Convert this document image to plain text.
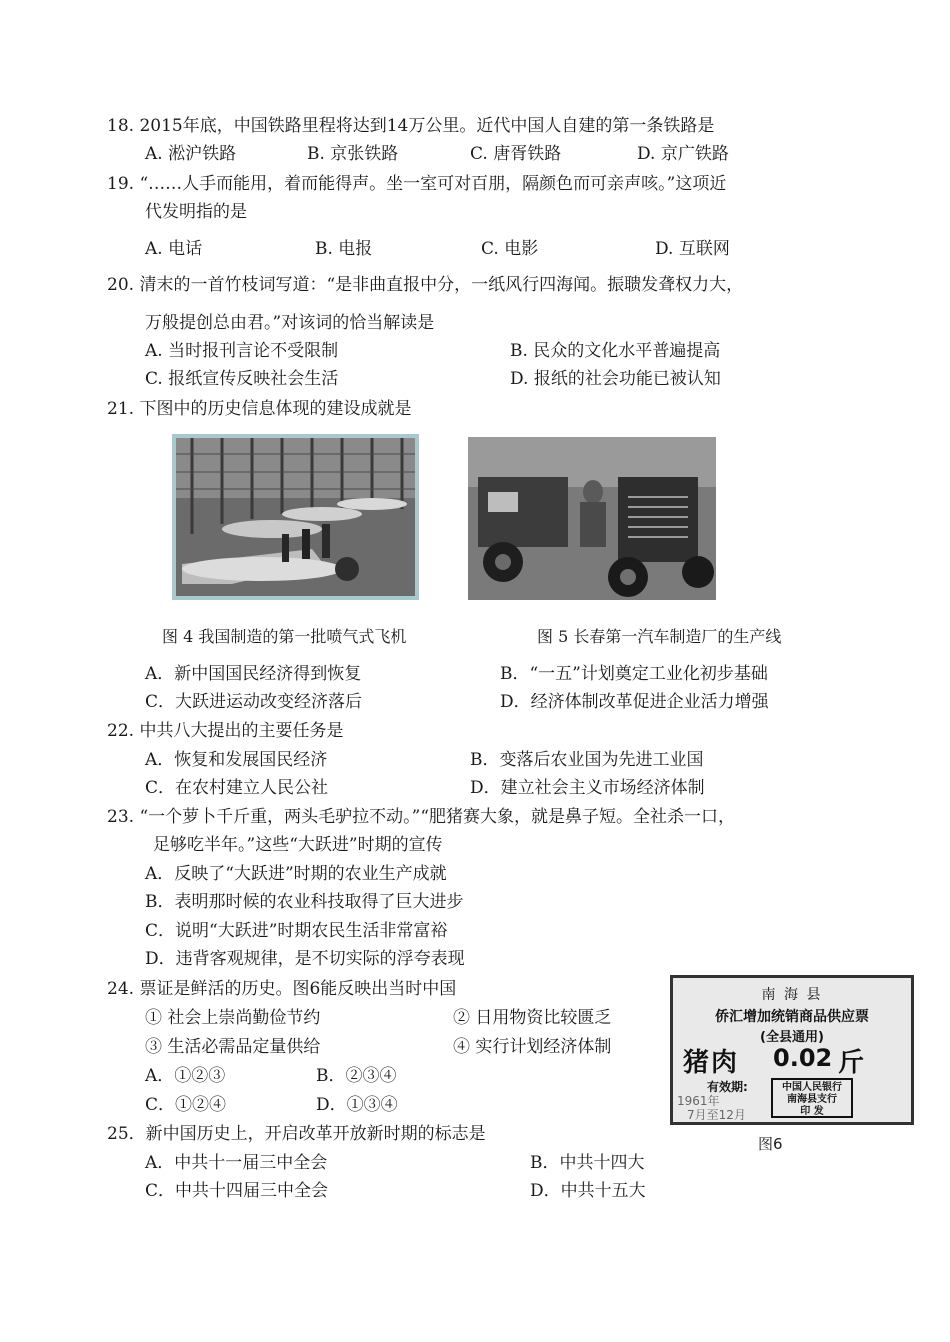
18. 2015年底，中国铁路里程将达到14万公里。近代中国人自建的第一条铁路是
A. 淞沪铁路	B. 京张铁路	C. 唐胥铁路	D. 京广铁路
19. “……人手而能用，着而能得声。坐一室可对百朋，隔颜色而可亲声咳。”这项近
代发明指的是
A. 电话	B. 电报	C. 电影	D. 互联网
20. 清末的一首竹枝词写道：“是非曲直报中分，一纸风行四海闻。振聩发聋权力大，
万般提创总由君。”对该词的恰当解读是
A. 当时报刊言论不受限制	B. 民众的文化水平普遍提高
C. 报纸宣传反映社会生活	D. 报纸的社会功能已被认知
21. 下图中的历史信息体现的建设成就是
图 4 我国制造的第一批喷气式飞机	图 5 长春第一汽车制造厂的生产线
A．新中国国民经济得到恢复	B．“一五”计划奠定工业化初步基础
C．大跃进运动改变经济落后	D．经济体制改革促进企业活力增强
22. 中共八大提出的主要任务是
A．恢复和发展国民经济	B．变落后农业国为先进工业国
C．在农村建立人民公社	D．建立社会主义市场经济体制
23. “一个萝卜千斤重，两头毛驴拉不动。”“肥猪赛大象，就是鼻子短。全社杀一口，
足够吃半年。”这些“大跃进”时期的宣传
A．反映了“大跃进”时期的农业生产成就
B．表明那时候的农业科技取得了巨大进步
C．说明“大跃进”时期农民生活非常富裕
D．违背客观规律，是不切实际的浮夸表现
24. 票证是鲜活的历史。图6能反映出当时中国
① 社会上崇尚勤俭节约	② 日用物资比较匮乏
③ 生活必需品定量供给	④ 实行计划经济体制
A．①②③	B．②③④
C．①②④	D．①③④
南 海 县
侨汇增加统销商品供应票
(全县通用)
猪肉 0.02 斤
有效期:
1961年
7月至12月
中国人民银行
南海县支行
印 发
图6
25．新中国历史上，开启改革开放新时期的标志是
A．中共十一届三中全会	B．中共十四大
C．中共十四届三中全会	D．中共十五大
